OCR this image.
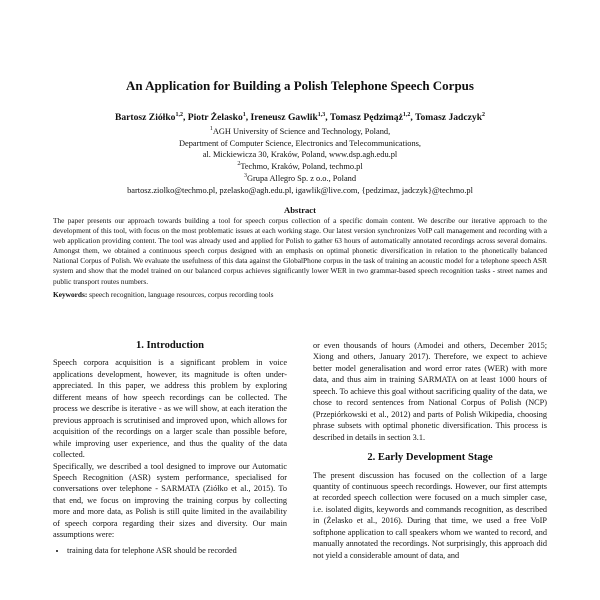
An Application for Building a Polish Telephone Speech Corpus
Bartosz Ziółko$^{1,2}$, Piotr Żelasko$^1$, Ireneusz Gawlik$^{1,3}$, Tomasz Pędzimąż$^{1,2}$, Tomasz Jadczyk$^2$
$^1$AGH University of Science and Technology, Poland,
Department of Computer Science, Electronics and Telecommunications,
al. Mickiewicza 30, Kraków, Poland, www.dsp.agh.edu.pl
$^2$Techmo, Kraków, Poland, techmo.pl
$^3$Grupa Allegro Sp. z o.o., Poland
bartosz.ziolko@techmo.pl, pzelasko@agh.edu.pl, igawlik@live.com, {pedzimaz, jadczyk}@techmo.pl
Abstract
The paper presents our approach towards building a tool for speech corpus collection of a specific domain content. We describe our iterative approach to the development of this tool, with focus on the most problematic issues at each working stage. Our latest version synchronizes VoIP call management and recording with a web application providing content. The tool was already used and applied for Polish to gather 63 hours of automatically annotated recordings across several domains. Amongst them, we obtained a continuous speech corpus designed with an emphasis on optimal phonetic diversification in relation to the phonetically balanced National Corpus of Polish. We evaluate the usefulness of this data against the GlobalPhone corpus in the task of training an acoustic model for a telephone speech ASR system and show that the model trained on our balanced corpus achieves significantly lower WER in two grammar-based speech recognition tasks - street names and public transport routes numbers.
Keywords: speech recognition, language resources, corpus recording tools
1. Introduction

Speech corpora acquisition is a significant problem in voice applications development, however, its magnitude is often under-appreciated. In this paper, we address this problem by exploring different means of how speech recordings can be collected. The process we describe is iterative - as we will show, at each iteration the previous approach is scrutinised and improved upon, which allows for acquisition of the recordings on a larger scale than possible before, while improving user experience, and thus the quality of the data collected.

Specifically, we described a tool designed to improve our Automatic Speech Recognition (ASR) system performance, specialised for conversations over telephone - SARMATA (Ziółko et al., 2015). To that end, we focus on improving the training corpus by collecting more and more data, as Polish is still quite limited in the availability of speech corpora regarding their sizes and diversity. Our main assumptions were:

• training data for telephone ASR should be recorded

or even thousands of hours (Amodei and others, December 2015; Xiong and others, January 2017). Therefore, we expect to achieve better model generalisation and word error rates (WER) with more data, and thus aim in training SARMATA on at least 1000 hours of speech. To achieve this goal without sacrificing quality of the data, we chose to record sentences from National Corpus of Polish (NCP) (Przepiórkowski et al., 2012) and parts of Polish Wikipedia, choosing phrase subsets with optimal phonetic diversification. This process is described in details in section 3.1.

2. Early Development Stage

The present discussion has focused on the collection of a large quantity of continuous speech recordings. However, our first attempts at recorded speech collection were focused on a much simpler case, i.e. isolated digits, keywords and commands recognition, as described in (Żelasko et al., 2016). During that time, we used a free VoIP softphone application to call speakers whom we wanted to record, and manually annotated the recordings. Not surprisingly, this approach did not yield a considerable amount of data, and
